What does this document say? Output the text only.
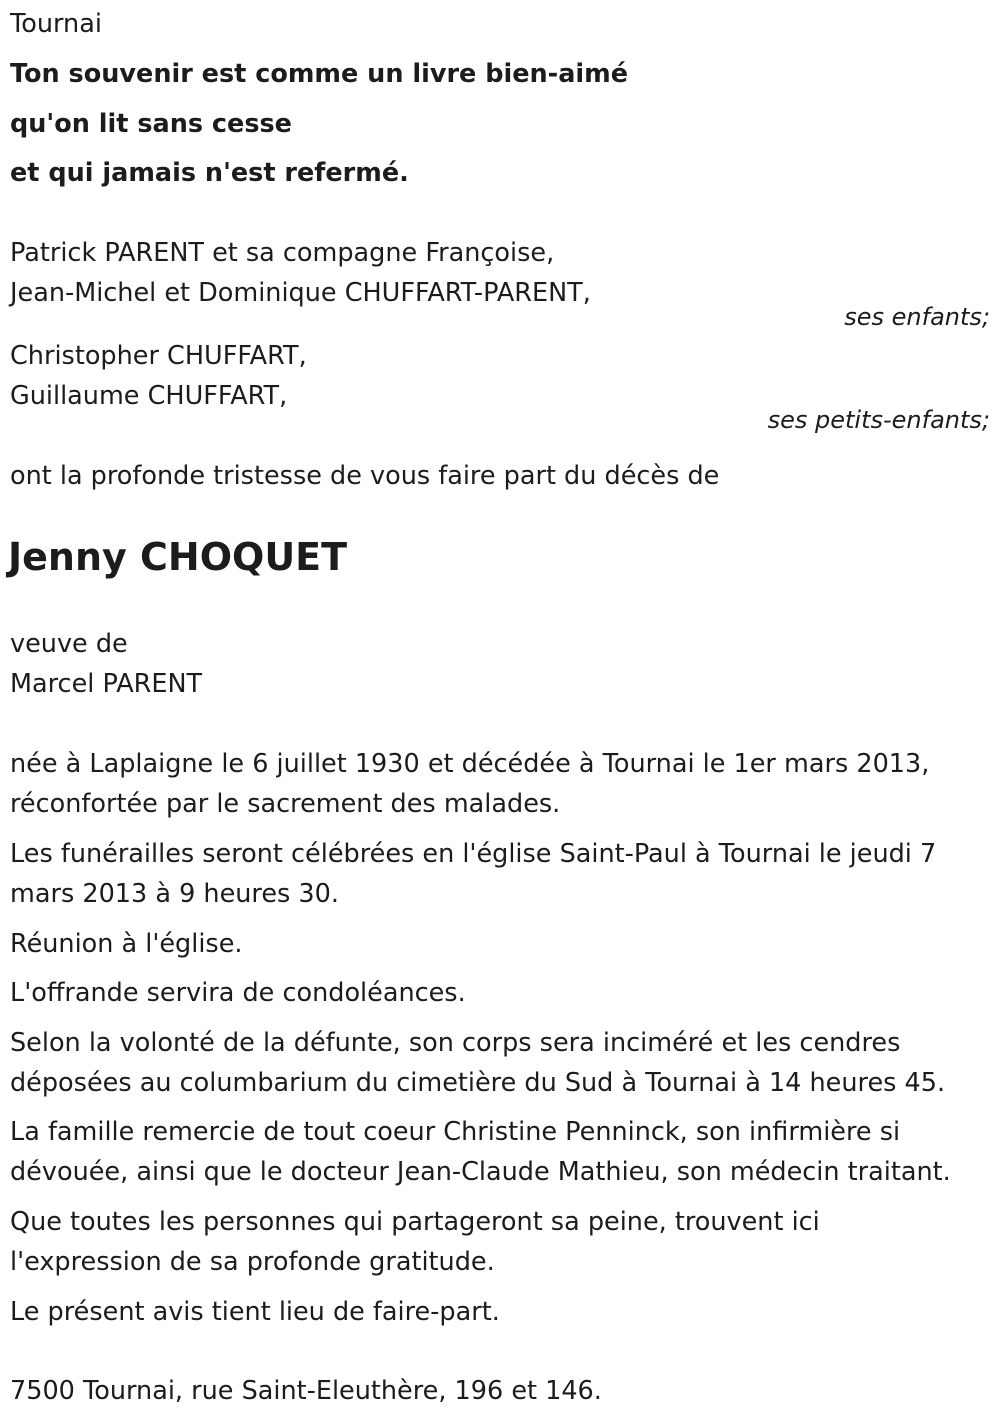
Tournai
Ton souvenir est comme un livre bien-aimé
qu'on lit sans cesse
et qui jamais n'est refermé.
Patrick PARENT et sa compagne Françoise,
Jean-Michel et Dominique CHUFFART-PARENT,
ses enfants;
Christopher CHUFFART,
Guillaume CHUFFART,
ses petits-enfants;
ont la profonde tristesse de vous faire part du décès de
Jenny CHOQUET
veuve de
Marcel PARENT
née à Laplaigne le 6 juillet 1930 et décédée à Tournai le 1er mars 2013,
réconfortée par le sacrement des malades.
Les funérailles seront célébrées en l'église Saint-Paul à Tournai le jeudi 7
mars 2013 à 9 heures 30.
Réunion à l'église.
L'offrande servira de condoléances.
Selon la volonté de la défunte, son corps sera inciméré et les cendres
déposées au columbarium du cimetière du Sud à Tournai à 14 heures 45.
La famille remercie de tout coeur Christine Penninck, son infirmière si
dévouée, ainsi que le docteur Jean-Claude Mathieu, son médecin traitant.
Que toutes les personnes qui partageront sa peine, trouvent ici
l'expression de sa profonde gratitude.
Le présent avis tient lieu de faire-part.
7500 Tournai, rue Saint-Eleuthère, 196 et 146.
